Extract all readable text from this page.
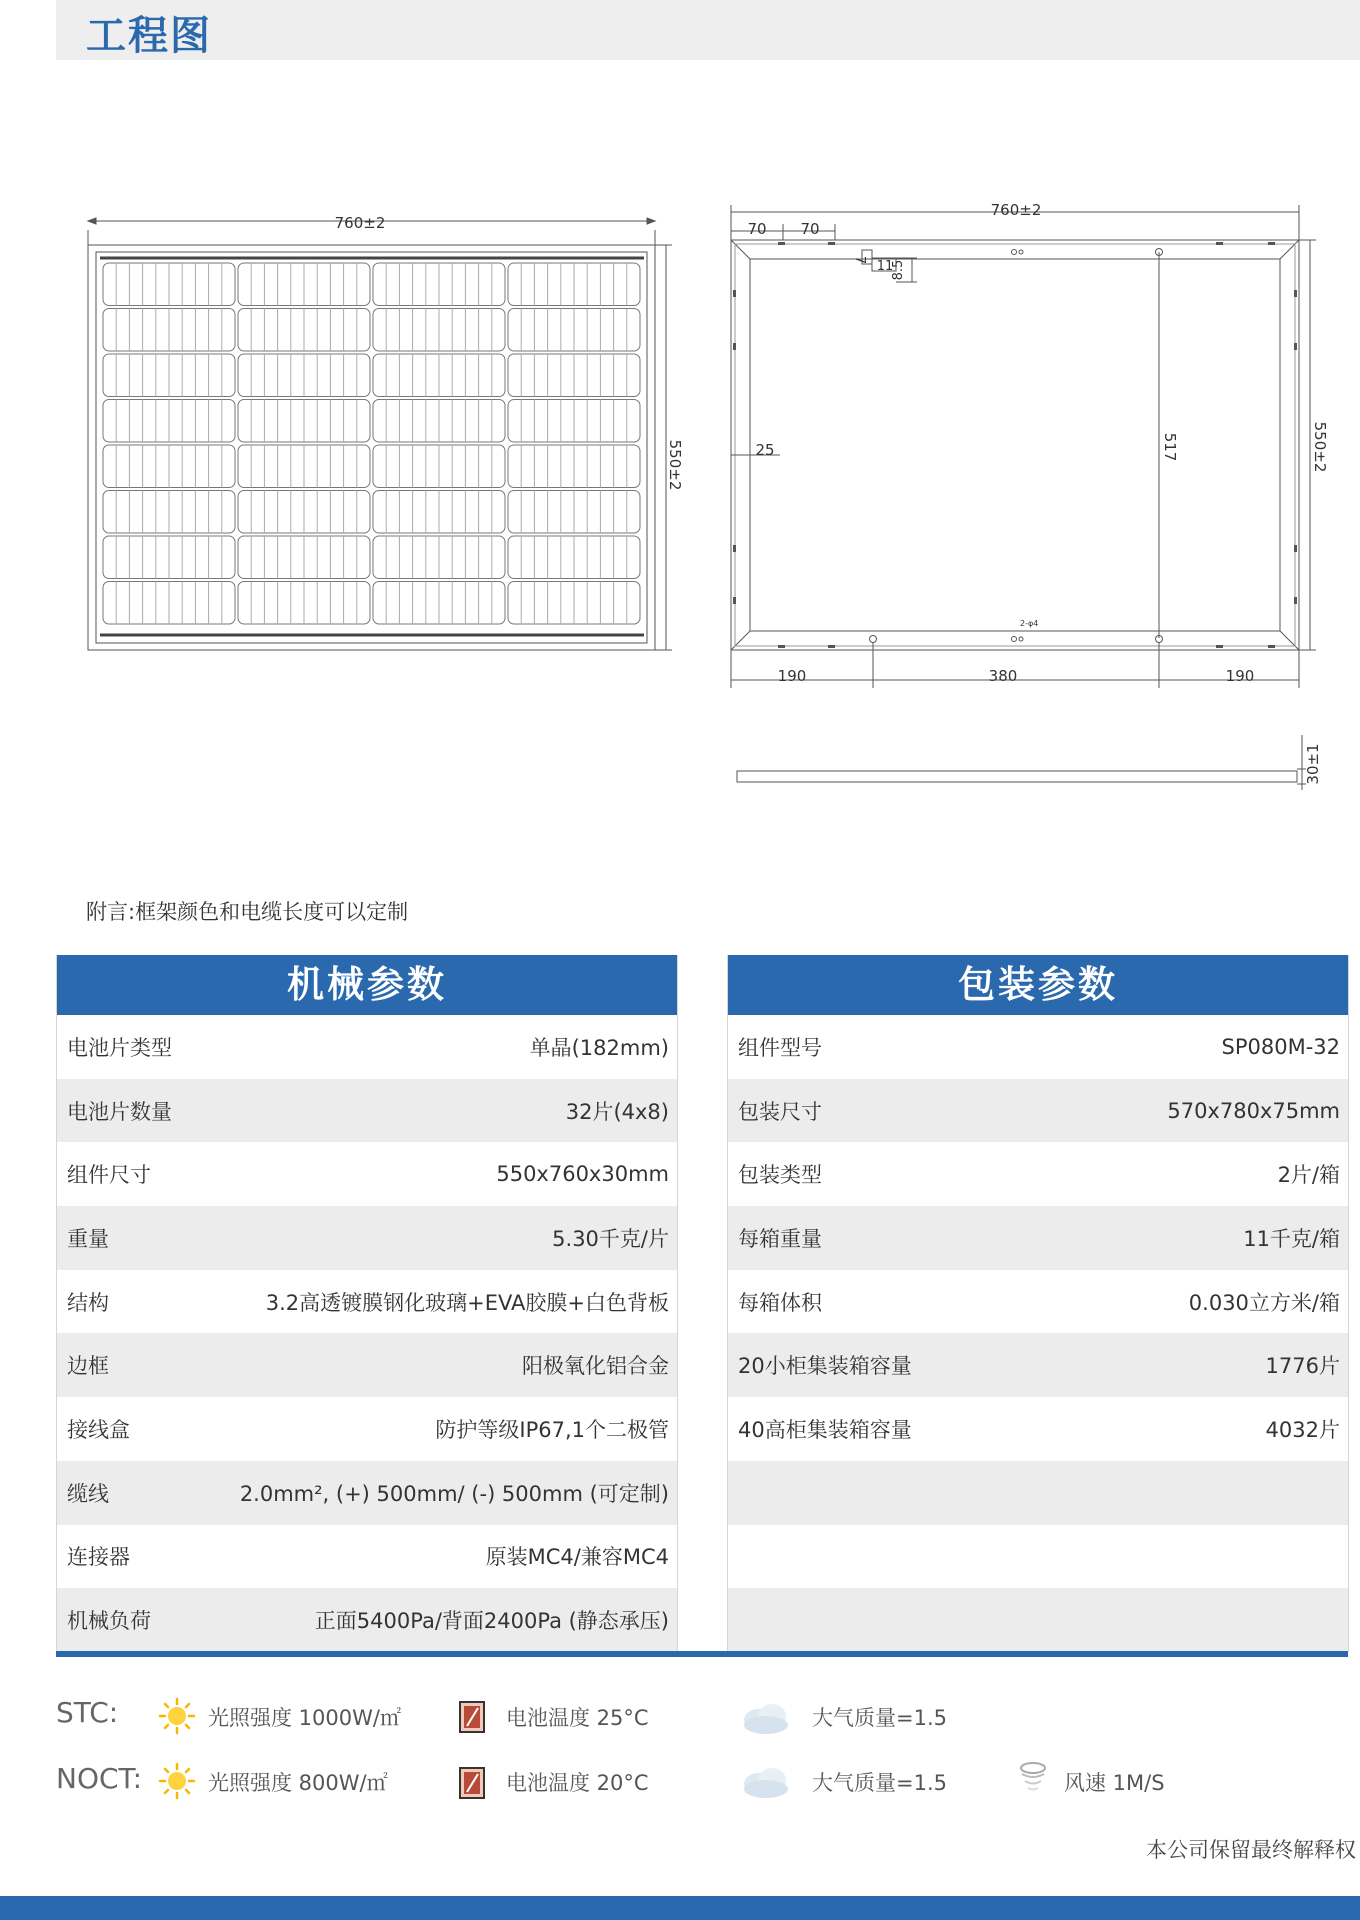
工程图
760±2
550±2
760±2
70 70
7 11
8.5
25	517	550±2
2-φ4
190	380	190
30±1
附言:框架颜色和电缆长度可以定制
机械参数
电池片类型	单晶(182mm)
电池片数量	32片(4x8)
组件尺寸	550x760x30mm
重量	5.30千克/片
结构	3.2高透镀膜钢化玻璃+EVA胶膜+白色背板
边框	阳极氧化铝合金
接线盒	防护等级IP67,1个二极管
缆线	2.0mm², (+) 500mm/ (-) 500mm (可定制)
连接器	原装MC4/兼容MC4
机械负荷	正面5400Pa/背面2400Pa (静态承压)
包装参数
组件型号	SP080M-32
包装尺寸	570x780x75mm
包装类型	2片/箱
每箱重量	11千克/箱
每箱体积	0.030立方米/箱
20小柜集装箱容量	1776片
40高柜集装箱容量	4032片
STC:	光照强度 1000W/㎡	电池温度 25°C	大气质量=1.5
NOCT:	光照强度 800W/㎡	电池温度 20°C	大气质量=1.5	风速 1M/S
本公司保留最终解释权
